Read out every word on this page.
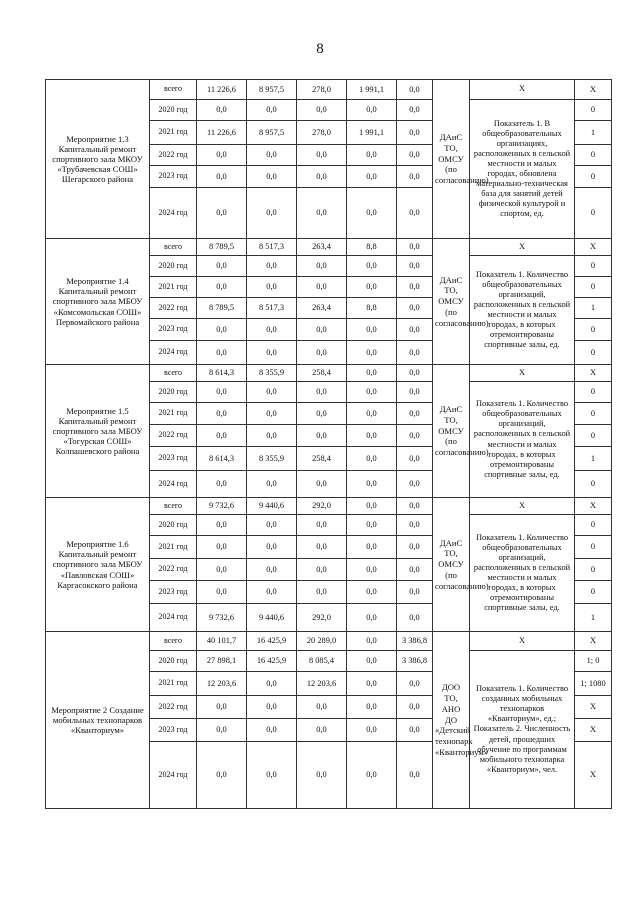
8
Мероприятие 1.3 Капитальный ремонт спортивного зала МКОУ «Трубачевская СОШ» Шегарского района	всего	11 226,6	8 957,5	278,0	1 991,1	0,0	ДАиС ТО, ОМСУ (по согласованию)	Х	Х
	2020 год	0,0	0,0	0,0	0,0	0,0		Показатель 1. В общеобразовательных организациях, расположенных в сельской местности и малых городах, обновлена материально-техническая база для занятий детей физической культурой и спортом, ед.	0
	2021 год	11 226,6	8 957,5	278,0	1 991,1	0,0			1
	2022 год	0,0	0,0	0,0	0,0	0,0			0
	2023 год	0,0	0,0	0,0	0,0	0,0			0
	2024 год	0,0	0,0	0,0	0,0	0,0			0
Мероприятие 1.4 Капитальный ремонт спортивного зала МБОУ «Комсомольская СОШ» Первомайского района	всего	8 789,5	8 517,3	263,4	8,8	0,0	ДАиС ТО, ОМСУ (по согласованию)	Х	Х
	2020 год	0,0	0,0	0,0	0,0	0,0		Показатель 1. Количество общеобразовательных организаций, расположенных в сельской местности и малых городах, в которых отремонтированы спортивные залы, ед.	0
	2021 год	0,0	0,0	0,0	0,0	0,0			0
	2022 год	8 789,5	8 517,3	263,4	8,8	0,0			1
	2023 год	0,0	0,0	0,0	0,0	0,0			0
	2024 год	0,0	0,0	0,0	0,0	0,0			0
Мероприятие 1.5 Капитальный ремонт спортивного зала МБОУ «Тогурская СОШ» Колпашевского района	всего	8 614,3	8 355,9	258,4	0,0	0,0	ДАиС ТО, ОМСУ (по согласованию)	Х	Х
	2020 год	0,0	0,0	0,0	0,0	0,0		Показатель 1. Количество общеобразовательных организаций, расположенных в сельской местности и малых городах, в которых отремонтированы спортивные залы, ед.	0
	2021 год	0,0	0,0	0,0	0,0	0,0			0
	2022 год	0,0	0,0	0,0	0,0	0,0			0
	2023 год	8 614,3	8 355,9	258,4	0,0	0,0			1
	2024 год	0,0	0,0	0,0	0,0	0,0			0
Мероприятие 1.6 Капитальный ремонт спортивного зала МБОУ «Павловская СОШ» Каргасокского района	всего	9 732,6	9 440,6	292,0	0,0	0,0	ДАиС ТО, ОМСУ (по согласованию)	Х	Х
	2020 год	0,0	0,0	0,0	0,0	0,0		Показатель 1. Количество общеобразовательных организаций, расположенных в сельской местности и малых городах, в которых отремонтированы спортивные залы, ед.	0
	2021 год	0,0	0,0	0,0	0,0	0,0			0
	2022 год	0,0	0,0	0,0	0,0	0,0			0
	2023 год	0,0	0,0	0,0	0,0	0,0			0
	2024 год	9 732,6	9 440,6	292,0	0,0	0,0			1
Мероприятие 2 Создание мобильных технопарков «Кванториум»	всего	40 101,7	16 425,9	20 289,0	0,0	3 386,8	ДОО ТО, АНО ДО «Детский технопарк «Кванториум»	Х	Х
	2020 год	27 898,1	16 425,9	8 085,4	0,0	3 386,8		Показатель 1. Количество созданных мобильных технопарков «Кванториум», ед.; Показатель 2. Численность детей, прошедших обучение по программам мобильного технопарка «Кванториум», чел.	1; 0
	2021 год	12 203,6	0,0	12 203,6	0,0	0,0			1; 1080
	2022 год	0,0	0,0	0,0	0,0	0,0			Х
	2023 год	0,0	0,0	0,0	0,0	0,0			Х
	2024 год	0,0	0,0	0,0	0,0	0,0			Х
